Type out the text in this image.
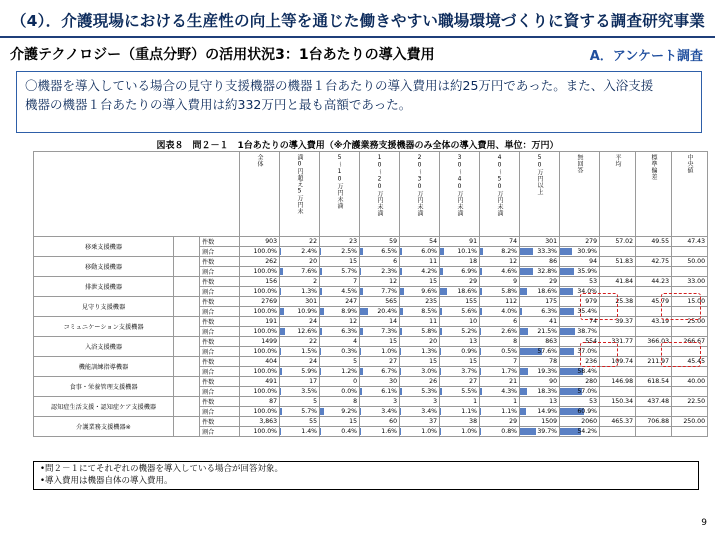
（4）．介護現場における生産性の向上等を通じた働きやすい職場環境づくりに資する調査研究事業
介護テクノロジー（重点分野）の活用状況3：1台あたりの導入費用	A．アンケート調査
〇機器を導入している場合の見守り支援機器の機器１台あたりの導入費用は約25万円であった。また、入浴支援
機器の機器１台あたりの導入費用は約332万円と最も高額であった。
図表８　問２－１　1台あたりの導入費用（※介護業務支援機器のみ全体の導入費用、単位：万円）
			全体	満0円超え5万円未	5～10万円未満	10～20万円未満	20～30万円未満	30～40万円未満	40～50万円未満	50万円以上	無回答	平均	標準偏差	中央値
移乗支援機器		件数	903	22	23	59	54	91	74	301	279	57.02	49.55	47.43
		割合	100.0%	2.4%	2.5%	6.5%	6.0%	10.1%	8.2%	33.3%	30.9%			
移動支援機器		件数	262	20	15	6	11	18	12	86	94	51.83	42.75	50.00
		割合	100.0%	7.6%	5.7%	2.3%	4.2%	6.9%	4.6%	32.8%	35.9%			
排泄支援機器		件数	156	2	7	12	15	29	9	29	53	41.84	44.23	33.00
		割合	100.0%	1.3%	4.5%	7.7%	9.6%	18.6%	5.8%	18.6%	34.0%			
見守り支援機器		件数	2769	301	247	565	235	155	112	175	979	25.38	45.79	15.00
		割合	100.0%	10.9%	8.9%	20.4%	8.5%	5.6%	4.0%	6.3%	35.4%			
コミュニケーション支援機器		件数	191	24	12	14	11	10	6	41	74	39.37	43.19	25.00
		割合	100.0%	12.6%	6.3%	7.3%	5.8%	5.2%	2.6%	21.5%	38.7%			
入浴支援機器		件数	1499	22	4	15	20	13	8	863	554	331.77	366.03	266.67
		割合	100.0%	1.5%	0.3%	1.0%	1.3%	0.9%	0.5%	57.6%	37.0%			
機能訓練指導機器		件数	404	24	5	27	15	15	7	78	236	109.74	211.97	45.45
		割合	100.0%	5.9%	1.2%	6.7%	3.0%	3.7%	1.7%	19.3%	58.4%			
食事・栄養管理支援機器		件数	491	17	0	30	26	27	21	90	280	146.98	618.54	40.00
		割合	100.0%	3.5%	0.0%	6.1%	5.3%	5.5%	4.3%	18.3%	57.0%			
認知症生活支援・認知症ケア支援機器		件数	87	5	8	3	3	1	1	13	53	150.34	437.48	22.50
		割合	100.0%	5.7%	9.2%	3.4%	3.4%	1.1%	1.1%	14.9%	60.9%			
介護業務支援機器※		件数	3,863	55	15	60	37	38	29	1509	2060	465.37	706.88	250.00
		割合	100.0%	1.4%	0.4%	1.6%	1.0%	1.0%	0.8%	39.7%	54.2%			
•問２－１にてそれぞれの機器を導入している場合が回答対象。
•導入費用は機器自体の導入費用。
9
